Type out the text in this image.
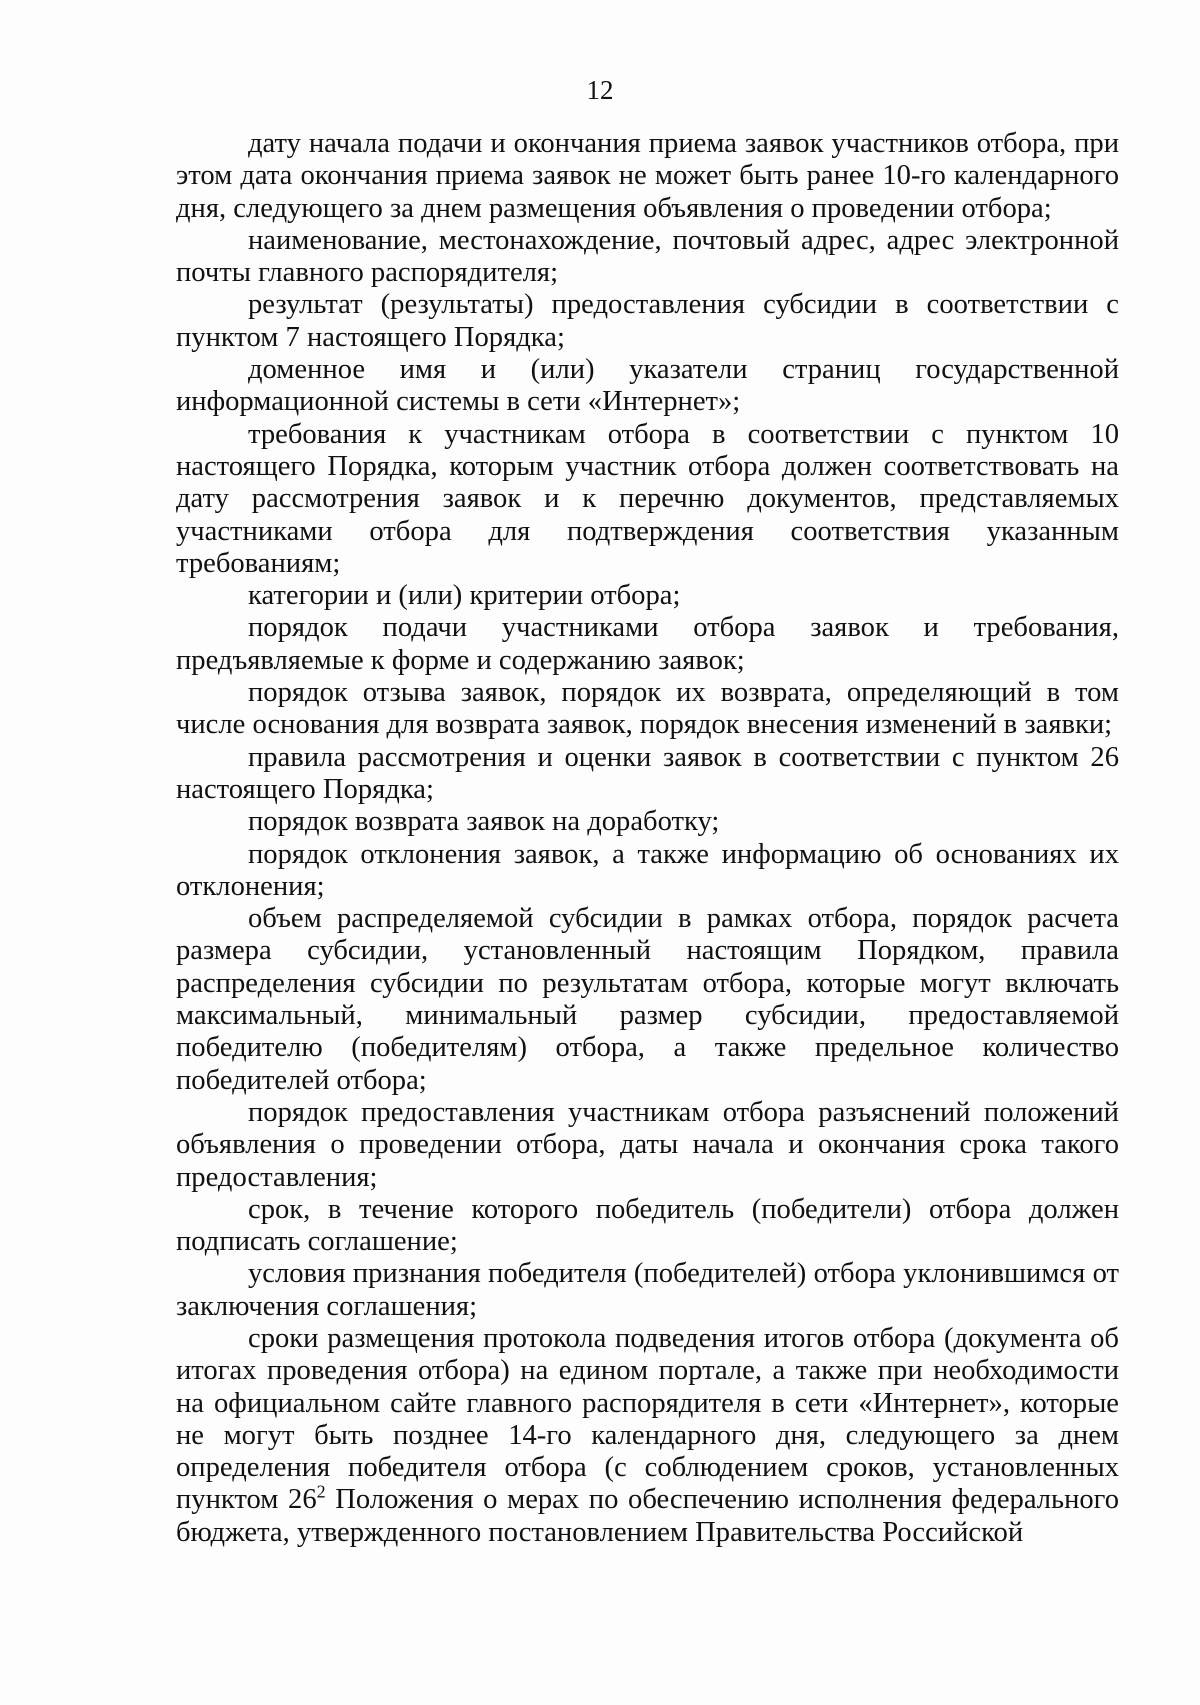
12

дату начала подачи и окончания приема заявок участников отбора, при этом дата окончания приема заявок не может быть ранее 10-го календарного дня, следующего за днем размещения объявления о проведении отбора;

наименование, местонахождение, почтовый адрес, адрес электронной почты главного распорядителя;

результат (результаты) предоставления субсидии в соответствии с пунктом 7 настоящего Порядка;

доменное имя и (или) указатели страниц государственной информационной системы в сети «Интернет»;

требования к участникам отбора в соответствии с пунктом 10 настоящего Порядка, которым участник отбора должен соответствовать на дату рассмотрения заявок и к перечню документов, представляемых участниками отбора для подтверждения соответствия указанным требованиям;

категории и (или) критерии отбора;

порядок подачи участниками отбора заявок и требования, предъявляемые к форме и содержанию заявок;

порядок отзыва заявок, порядок их возврата, определяющий в том числе основания для возврата заявок, порядок внесения изменений в заявки;

правила рассмотрения и оценки заявок в соответствии с пунктом 26 настоящего Порядка;

порядок возврата заявок на доработку;

порядок отклонения заявок, а также информацию об основаниях их отклонения;

объем распределяемой субсидии в рамках отбора, порядок расчета размера субсидии, установленный настоящим Порядком, правила распределения субсидии по результатам отбора, которые могут включать максимальный, минимальный размер субсидии, предоставляемой победителю (победителям) отбора, а также предельное количество победителей отбора;

порядок предоставления участникам отбора разъяснений положений объявления о проведении отбора, даты начала и окончания срока такого предоставления;

срок, в течение которого победитель (победители) отбора должен подписать соглашение;

условия признания победителя (победителей) отбора уклонившимся от заключения соглашения;

сроки размещения протокола подведения итогов отбора (документа об итогах проведения отбора) на едином портале, а также при необходимости на официальном сайте главного распорядителя в сети «Интернет», которые не могут быть позднее 14-го календарного дня, следующего за днем определения победителя отбора (с соблюдением сроков, установленных пунктом $26^2$ Положения о мерах по обеспечению исполнения федерального бюджета, утвержденного постановлением Правительства Российской
